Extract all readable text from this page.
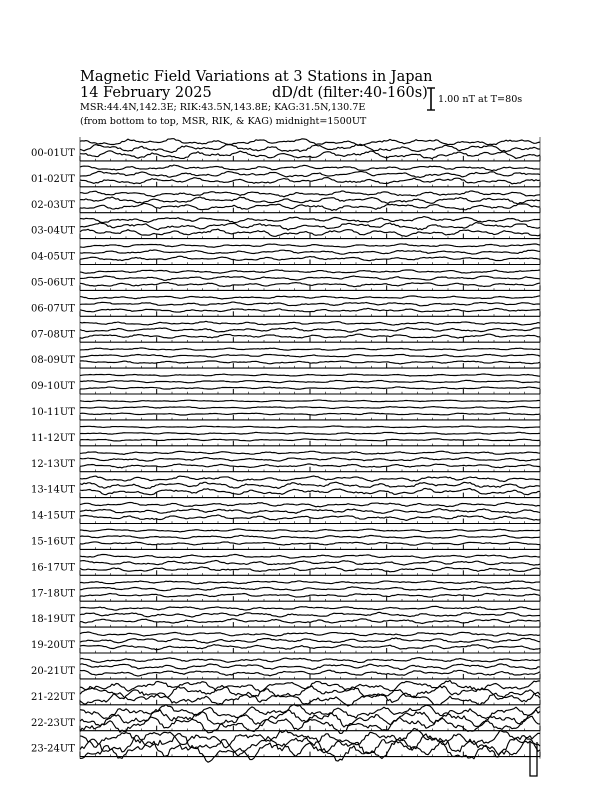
Magnetic Field Variations at 3 Stations in Japan
14 February 2025	dD/dt (filter:40-160s)
MSR:44.4N,142.3E; RIK:43.5N,143.8E; KAG:31.5N,130.7E
(from bottom to top, MSR, RIK, & KAG) midnight=1500UT
1.00 nT at T=80s
00-01UT
01-02UT
02-03UT
03-04UT
04-05UT
05-06UT
06-07UT
07-08UT
08-09UT
09-10UT
10-11UT
11-12UT
12-13UT
13-14UT
14-15UT
15-16UT
16-17UT
17-18UT
18-19UT
19-20UT
20-21UT
21-22UT
22-23UT
23-24UT
